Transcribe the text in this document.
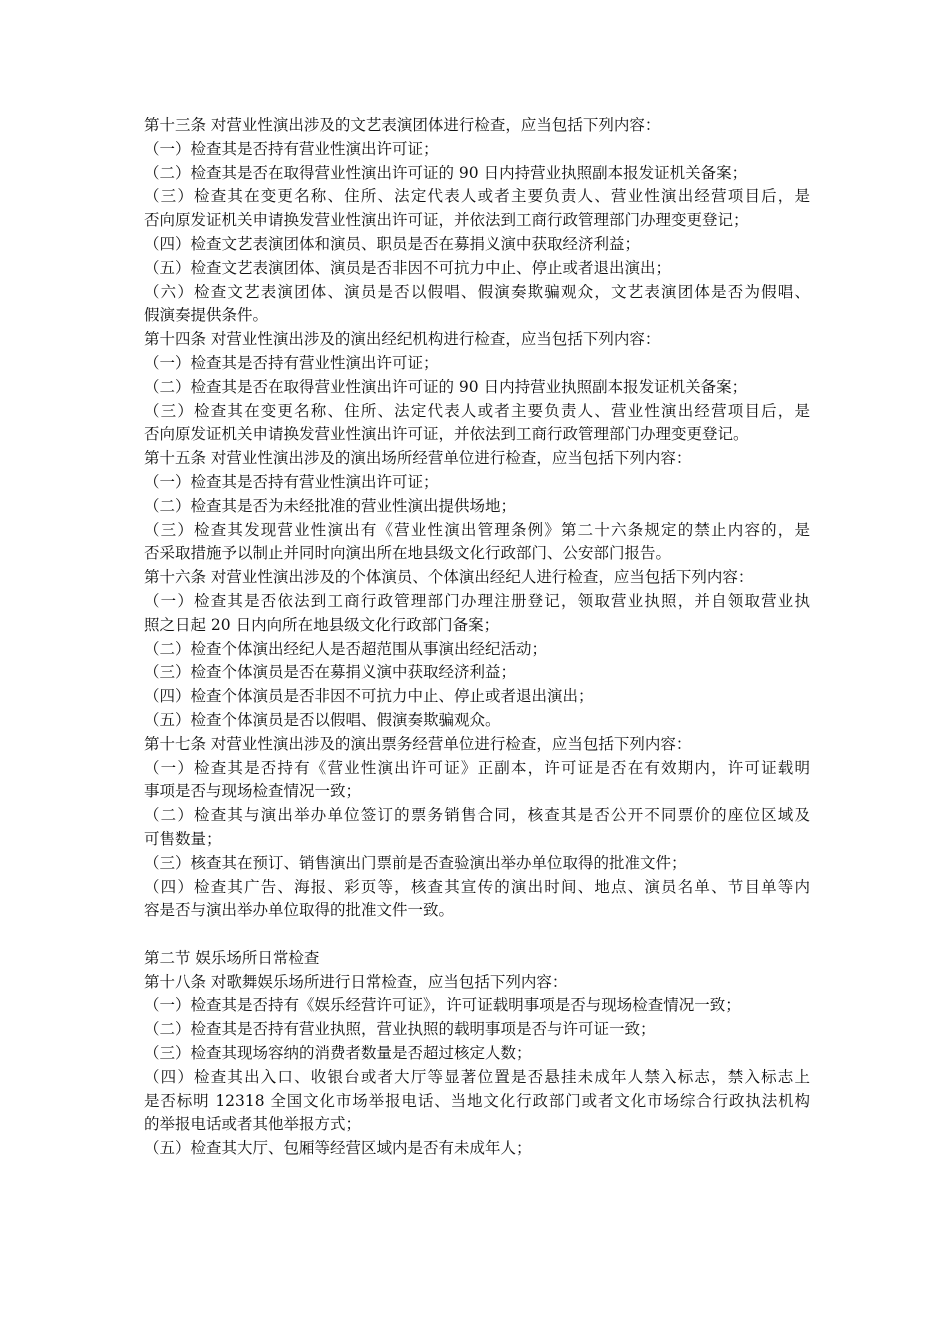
第十三条 对营业性演出涉及的文艺表演团体进行检查，应当包括下列内容：
（一）检查其是否持有营业性演出许可证；
（二）检查其是否在取得营业性演出许可证的 90 日内持营业执照副本报发证机关备案；
（三）检查其在变更名称、住所、法定代表人或者主要负责人、营业性演出经营项目后，是
否向原发证机关申请换发营业性演出许可证，并依法到工商行政管理部门办理变更登记；
（四）检查文艺表演团体和演员、职员是否在募捐义演中获取经济利益；
（五）检查文艺表演团体、演员是否非因不可抗力中止、停止或者退出演出；
（六）检查文艺表演团体、演员是否以假唱、假演奏欺骗观众，文艺表演团体是否为假唱、
假演奏提供条件。
第十四条 对营业性演出涉及的演出经纪机构进行检查，应当包括下列内容：
（一）检查其是否持有营业性演出许可证；
（二）检查其是否在取得营业性演出许可证的 90 日内持营业执照副本报发证机关备案；
（三）检查其在变更名称、住所、法定代表人或者主要负责人、营业性演出经营项目后，是
否向原发证机关申请换发营业性演出许可证，并依法到工商行政管理部门办理变更登记。
第十五条 对营业性演出涉及的演出场所经营单位进行检查，应当包括下列内容：
（一）检查其是否持有营业性演出许可证；
（二）检查其是否为未经批准的营业性演出提供场地；
（三）检查其发现营业性演出有《营业性演出管理条例》第二十六条规定的禁止内容的，是
否采取措施予以制止并同时向演出所在地县级文化行政部门、公安部门报告。
第十六条 对营业性演出涉及的个体演员、个体演出经纪人进行检查，应当包括下列内容：
（一）检查其是否依法到工商行政管理部门办理注册登记，领取营业执照，并自领取营业执
照之日起 20 日内向所在地县级文化行政部门备案；
（二）检查个体演出经纪人是否超范围从事演出经纪活动；
（三）检查个体演员是否在募捐义演中获取经济利益；
（四）检查个体演员是否非因不可抗力中止、停止或者退出演出；
（五）检查个体演员是否以假唱、假演奏欺骗观众。
第十七条 对营业性演出涉及的演出票务经营单位进行检查，应当包括下列内容：
（一）检查其是否持有《营业性演出许可证》正副本，许可证是否在有效期内，许可证载明
事项是否与现场检查情况一致；
（二）检查其与演出举办单位签订的票务销售合同，核查其是否公开不同票价的座位区域及
可售数量；
（三）核查其在预订、销售演出门票前是否查验演出举办单位取得的批准文件；
（四）检查其广告、海报、彩页等，核查其宣传的演出时间、地点、演员名单、节目单等内
容是否与演出举办单位取得的批准文件一致。
第二节 娱乐场所日常检查
第十八条 对歌舞娱乐场所进行日常检查，应当包括下列内容：
（一）检查其是否持有《娱乐经营许可证》，许可证载明事项是否与现场检查情况一致；
（二）检查其是否持有营业执照，营业执照的载明事项是否与许可证一致；
（三）检查其现场容纳的消费者数量是否超过核定人数；
（四）检查其出入口、收银台或者大厅等显著位置是否悬挂未成年人禁入标志，禁入标志上
是否标明 12318 全国文化市场举报电话、当地文化行政部门或者文化市场综合行政执法机构
的举报电话或者其他举报方式；
（五）检查其大厅、包厢等经营区域内是否有未成年人；
